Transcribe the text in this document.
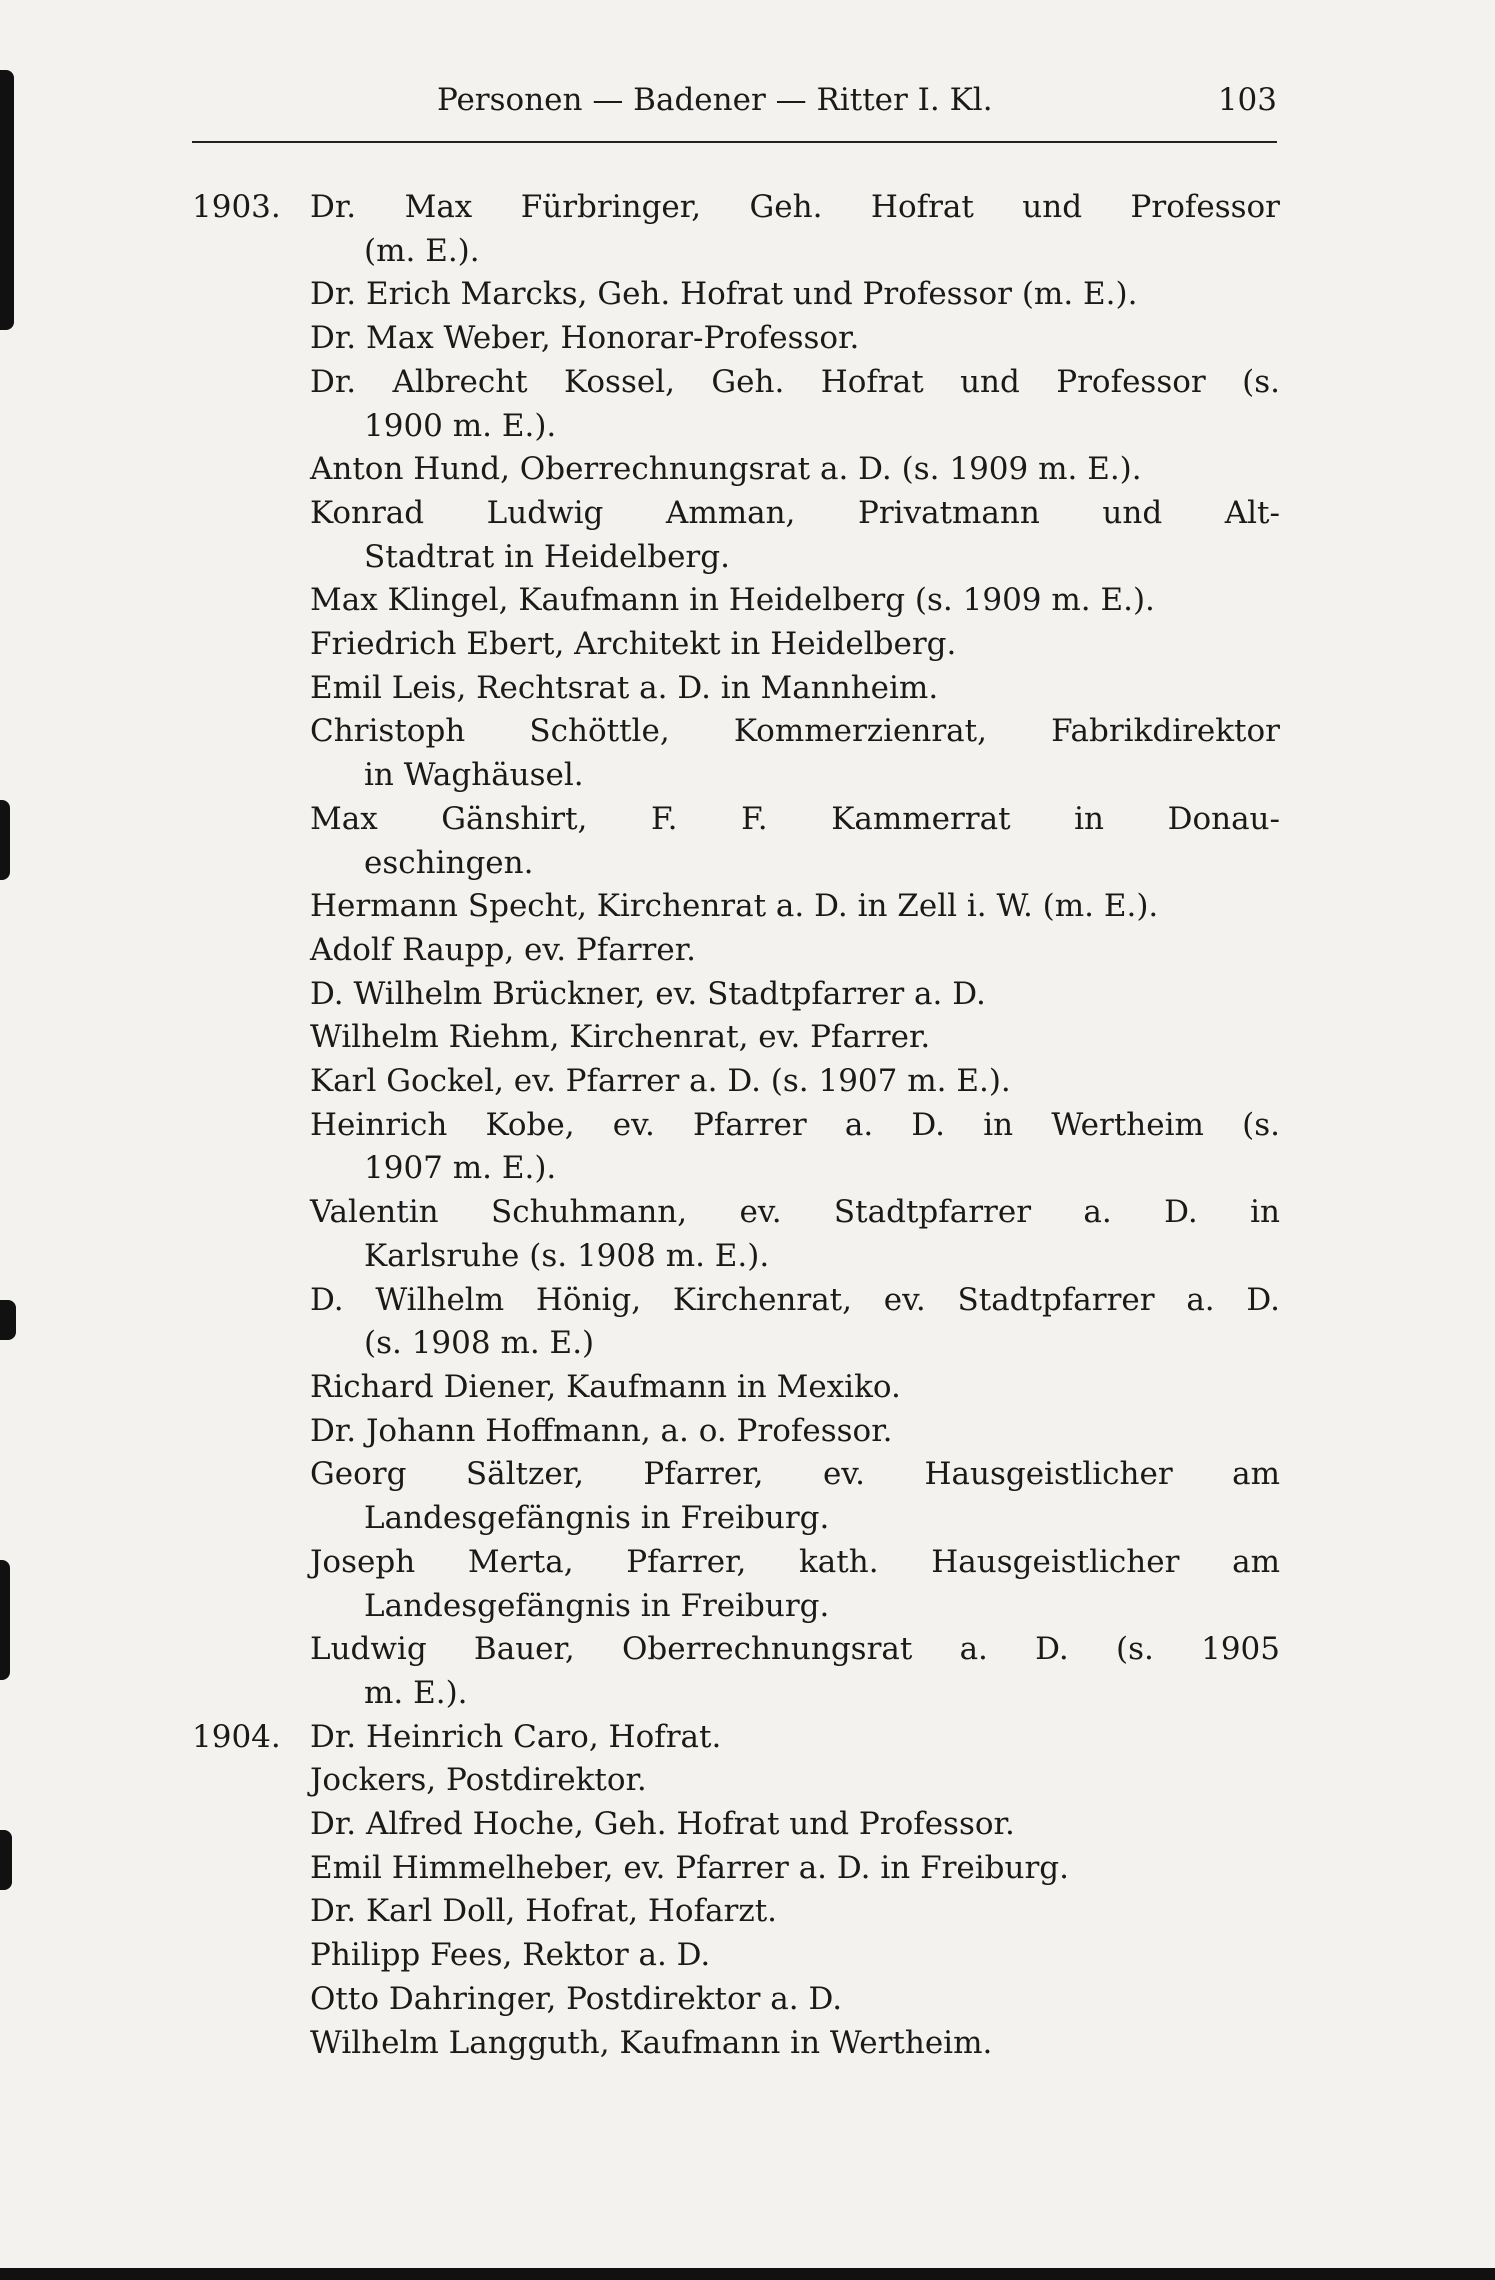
Personen — Badener — Ritter I. Kl.	103
1903. Dr. Max Fürbringer, Geh. Hofrat und Professor
(m. E.).
Dr. Erich Marcks, Geh. Hofrat und Professor (m. E.).
Dr. Max Weber, Honorar-Professor.
Dr. Albrecht Kossel, Geh. Hofrat und Professor (s.
1900 m. E.).
Anton Hund, Oberrechnungsrat a. D. (s. 1909 m. E.).
Konrad Ludwig Amman, Privatmann und Alt-
Stadtrat in Heidelberg.
Max Klingel, Kaufmann in Heidelberg (s. 1909 m. E.).
Friedrich Ebert, Architekt in Heidelberg.
Emil Leis, Rechtsrat a. D. in Mannheim.
Christoph Schöttle, Kommerzienrat, Fabrikdirektor
in Waghäusel.
Max Gänshirt, F. F. Kammerrat in Donau-
eschingen.
Hermann Specht, Kirchenrat a. D. in Zell i. W. (m. E.).
Adolf Raupp, ev. Pfarrer.
D. Wilhelm Brückner, ev. Stadtpfarrer a. D.
Wilhelm Riehm, Kirchenrat, ev. Pfarrer.
Karl Gockel, ev. Pfarrer a. D. (s. 1907 m. E.).
Heinrich Kobe, ev. Pfarrer a. D. in Wertheim (s.
1907 m. E.).
Valentin Schuhmann, ev. Stadtpfarrer a. D. in
Karlsruhe (s. 1908 m. E.).
D. Wilhelm Hönig, Kirchenrat, ev. Stadtpfarrer a. D.
(s. 1908 m. E.)
Richard Diener, Kaufmann in Mexiko.
Dr. Johann Hoffmann, a. o. Professor.
Georg Sältzer, Pfarrer, ev. Hausgeistlicher am
Landesgefängnis in Freiburg.
Joseph Merta, Pfarrer, kath. Hausgeistlicher am
Landesgefängnis in Freiburg.
Ludwig Bauer, Oberrechnungsrat a. D. (s. 1905
m. E.).
1904. Dr. Heinrich Caro, Hofrat.
Jockers, Postdirektor.
Dr. Alfred Hoche, Geh. Hofrat und Professor.
Emil Himmelheber, ev. Pfarrer a. D. in Freiburg.
Dr. Karl Doll, Hofrat, Hofarzt.
Philipp Fees, Rektor a. D.
Otto Dahringer, Postdirektor a. D.
Wilhelm Langguth, Kaufmann in Wertheim.
